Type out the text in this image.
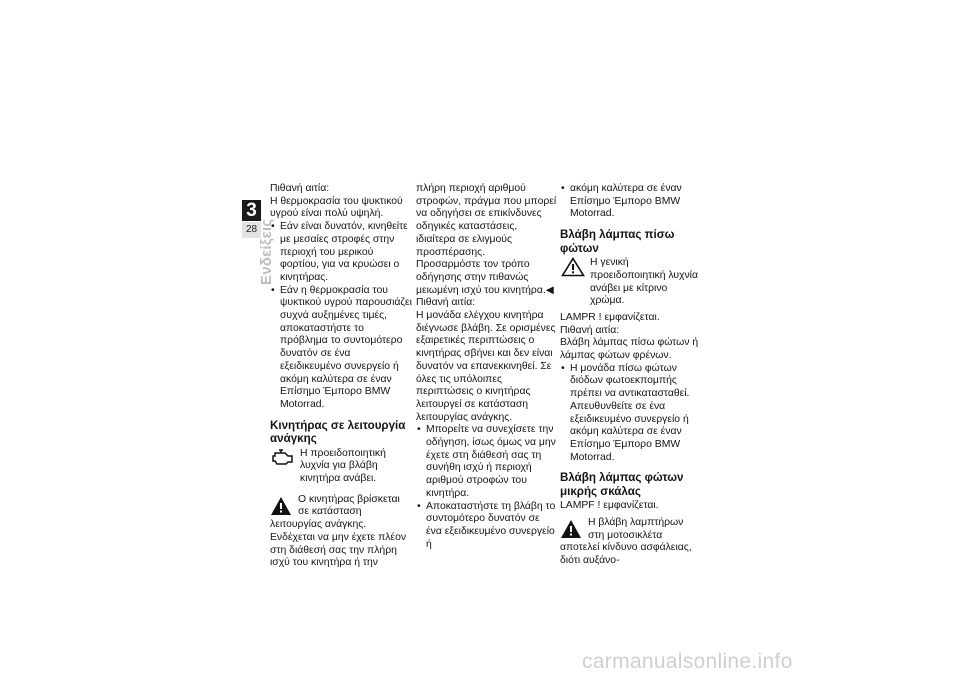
3
28 Ενδείξεις

Πιθανή αιτία:

Η θερμοκρασία του ψυκτικού υγρού είναι πολύ υψηλή.

• Εάν είναι δυνατόν, κινηθείτε με μεσαίες στροφές στην περιοχή του μερικού φορτίου, για να κρυώσει ο κινητήρας.

• Εάν η θερμοκρασία του ψυκτικού υγρού παρουσιάζει συχνά αυξημένες τιμές, αποκαταστήστε το πρόβλημα το συντομότερο δυνατόν σε ένα εξειδικευμένο συνεργείο ή ακόμη καλύτερα σε έναν Επίσημο Έμπορο BMW Motorrad.

Κινητήρας σε λειτουργία ανάγκης

Η προειδοποιητική λυχνία για βλάβη κινητήρα ανάβει.

Ο κινητήρας βρίσκεται σε κατάσταση λειτουργίας ανάγκης. Ενδέχεται να μην έχετε πλέον στη διάθεσή σας την πλήρη ισχύ του κινητήρα ή την

πλήρη περιοχή αριθμού στροφών, πράγμα που μπορεί να οδηγήσει σε επικίνδυνες οδηγικές καταστάσεις, ιδιαίτερα σε ελιγμούς προσπέρασης.

Προσαρμόστε τον τρόπο οδήγησης στην πιθανώς μειωμένη ισχύ του κινητήρα.◀

Πιθανή αιτία:

Η μονάδα ελέγχου κινητήρα διέγνωσε βλάβη. Σε ορισμένες εξαιρετικές περιπτώσεις ο κινητήρας σβήνει και δεν είναι δυνατόν να επανεκκινηθεί. Σε όλες τις υπόλοιπες περιπτώσεις ο κινητήρας λειτουργεί σε κατάσταση λειτουργίας ανάγκης.

• Μπορείτε να συνεχίσετε την οδήγηση, ίσως όμως να μην έχετε στη διάθεσή σας τη συνήθη ισχύ ή περιοχή αριθμού στροφών του κινητήρα.

• Αποκαταστήστε τη βλάβη το συντομότερο δυνατόν σε ένα εξειδικευμένο συνεργείο ή

• ακόμη καλύτερα σε έναν Επίσημο Έμπορο BMW Motorrad.

Βλάβη λάμπας πίσω φώτων

Η γενική προειδοποιητική λυχνία ανάβει με κίτρινο χρώμα.

LAMPR ! εμφανίζεται.

Πιθανή αιτία:

Βλάβη λάμπας πίσω φώτων ή λάμπας φώτων φρένων.

• Η μονάδα πίσω φώτων διόδων φωτοεκπομπής πρέπει να αντικατασταθεί. Απευθυνθείτε σε ένα εξειδικευμένο συνεργείο ή ακόμη καλύτερα σε έναν Επίσημο Έμπορο BMW Motorrad.

Βλάβη λάμπας φώτων μικρής σκάλας

LAMPF ! εμφανίζεται.

Η βλάβη λαμπτήρων στη μοτοσικλέτα αποτελεί κίνδυνο ασφάλειας, διότι αυξάνο-

carmanualsonline.info
